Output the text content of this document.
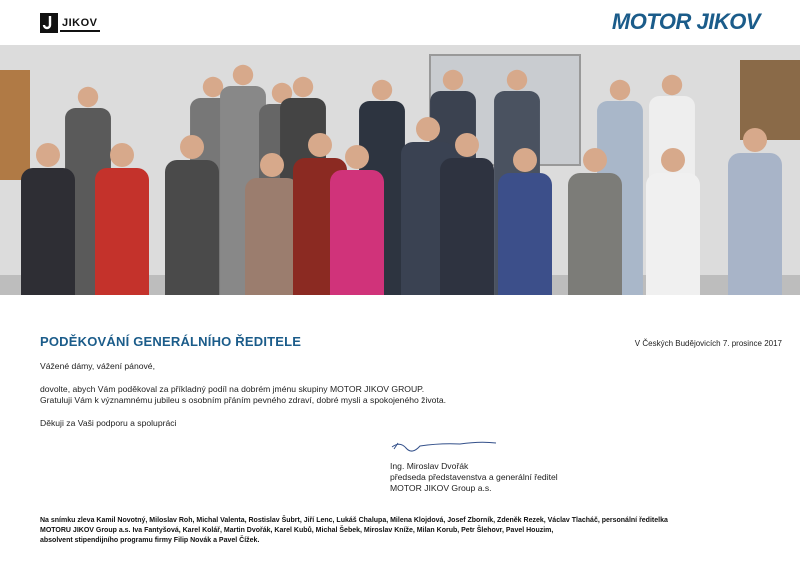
JIKOV	MOTOR JIKOV
PODĚKOVÁNÍ GENERÁLNÍHO ŘEDITELE	V Českých Budějovicích 7. prosince 2017
Vážené dámy, vážení pánové,
dovolte, abych Vám poděkoval za příkladný podíl na dobrém jménu skupiny MOTOR JIKOV GROUP.
Gratuluji Vám k významnému jubileu s osobním přáním pevného zdraví, dobré mysli a spokojeného života.
Děkuji za Vaši podporu a spolupráci
Ing. Miroslav Dvořák
předseda představenstva a generální ředitel
MOTOR JIKOV Group a.s.
Na snímku zleva Kamil Novotný, Miloslav Roh, Michal Valenta, Rostislav Šubrt, Jiří Lenc, Lukáš Chalupa, Milena Klojdová, Josef Zborník, Zdeněk Rezek, Václav Tlacháč, personální ředitelka
MOTORU JIKOV Group a.s. Iva Fantyšová, Karel Kolář, Martin Dvořák, Karel Kubů, Michal Šebek, Miroslav Kníže, Milan Korub, Petr Šlehovr, Pavel Houzim,
absolvent stipendijního programu firmy Filip Novák a Pavel Čížek.
